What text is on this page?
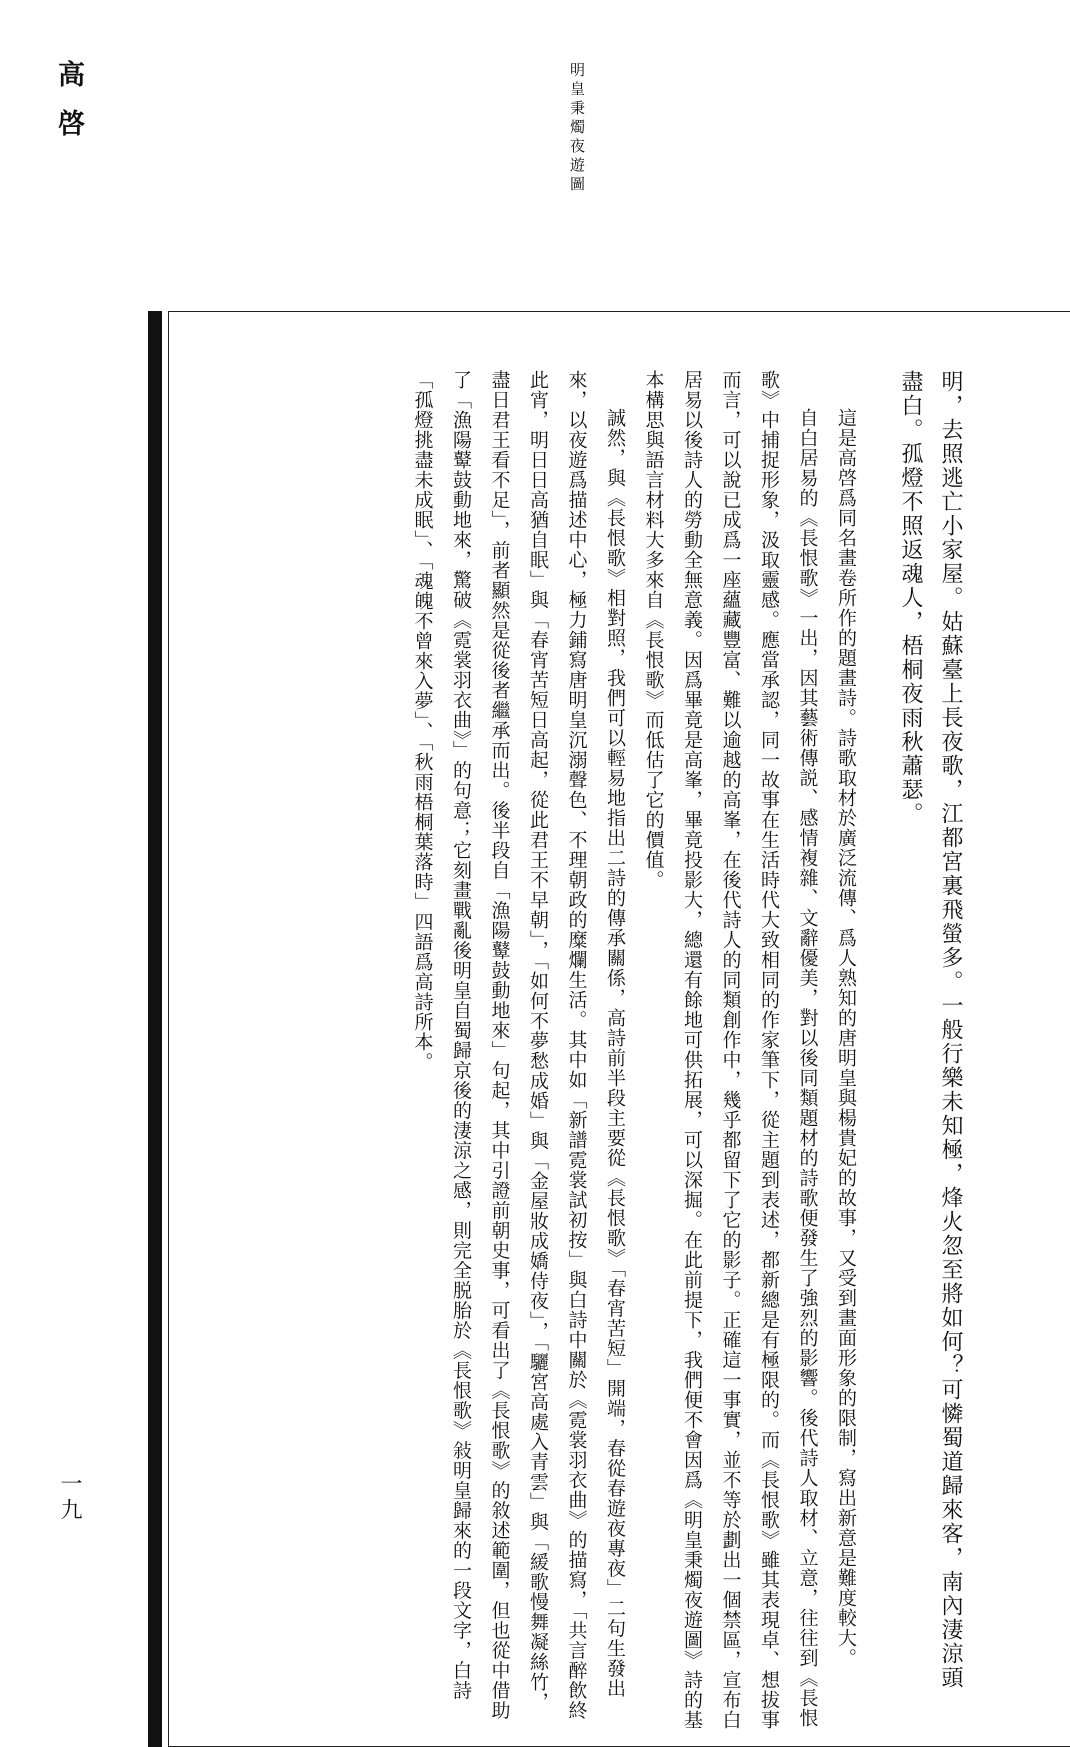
高啓	明皇秉燭夜遊圖
明，去照逃亡小家屋。姑蘇臺上長夜歌，江都宮裏飛螢多。一般行樂未知極，烽火忽至將如何？可憐蜀道歸來客，南內淒涼頭盡白。孤燈不照返魂人，梧桐夜雨秋蕭瑟。

這是高啓爲同名畫卷所作的題畫詩。詩歌取材於廣泛流傳、爲人熟知的唐明皇與楊貴妃的故事，又受到畫面形象的限制，寫出新意是難度較大。

自白居易的《長恨歌》一出，因其藝術傳説、感情複雜、文辭優美，對以後同類題材的詩歌便發生了強烈的影響。後代詩人取材、立意，往往到《長恨歌》中捕捉形象，汲取靈感。應當承認，同一故事在生活時代大致相同的作家筆下，從主題到表述，都新總是有極限的。而《長恨歌》雖其表現卓、想拔事而言，可以說已成爲一座蘊藏豐富、難以逾越的高峯，在後代詩人的同類創作中，幾乎都留下了它的影子。正確這一事實，並不等於劃出一個禁區，宣布白居易以後詩人的勞動全無意義。因爲畢竟是高峯，畢竟投影大，總還有餘地可供拓展，可以深掘。在此前提下，我們便不會因爲《明皇秉燭夜遊圖》詩的基本構思與語言材料大多來自《長恨歌》而低估了它的價值。

誠然，與《長恨歌》相對照，我們可以輕易地指出二詩的傳承關係，高詩前半段主要從《長恨歌》「春宵苦短」開端，春從春遊夜專夜」二句生發出來，以夜遊爲描述中心，極力鋪寫唐明皇沉溺聲色、不理朝政的糜爛生活。其中如「新譜霓裳試初按」與白詩中關於《霓裳羽衣曲》的描寫，「共言醉飲終此宵，明日日高猶自眠」與「春宵苦短日高起，從此君王不早朝」，「如何不夢愁成婚」與「金屋妝成嬌侍夜」，「驪宮高處入青雲」與「緩歌慢舞凝絲竹，盡日君王看不足」，前者顯然是從後者繼承而出。後半段自「漁陽鼙鼓動地來」句起，其中引證前朝史事，可看出了《長恨歌》的敘述範圍，但也從中借助了「漁陽鼙鼓動地來，驚破《霓裳羽衣曲》」的句意；它刻畫戰亂後明皇自蜀歸京後的淒涼之感，則完全脱胎於《長恨歌》敍明皇歸來的一段文字，白詩「孤燈挑盡未成眠」、「魂魄不曾來入夢」、「秋雨梧桐葉落時」四語爲高詩所本。

一九
